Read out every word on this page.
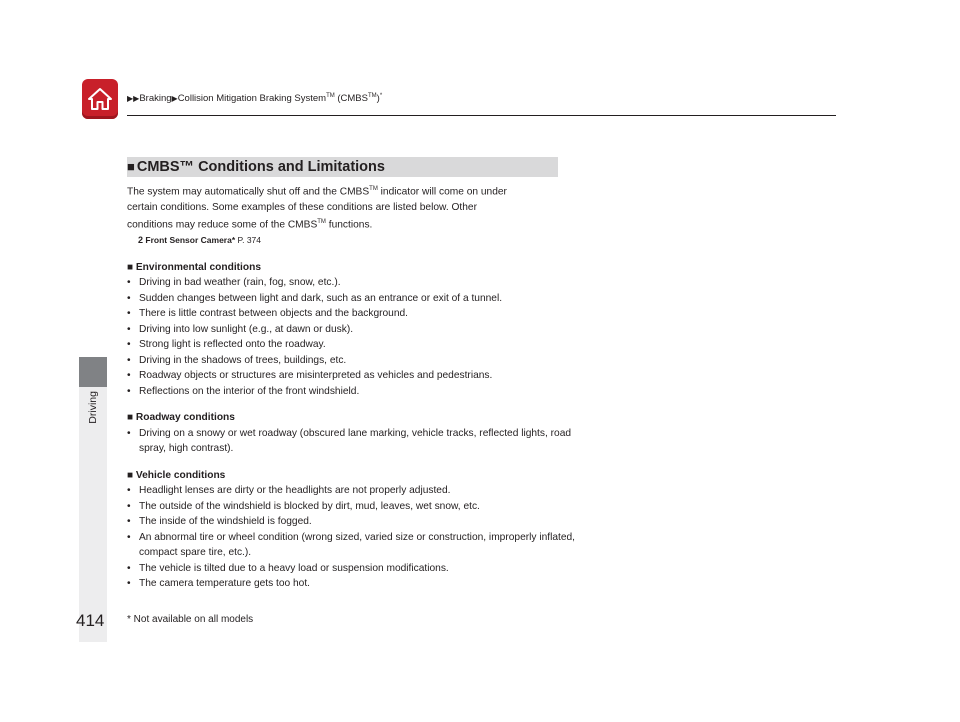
▶▶Braking▶Collision Mitigation Braking System™ (CMBS™)*
Driving
414
■ CMBS™ Conditions and Limitations

The system may automatically shut off and the CMBS™ indicator will come on under
certain conditions. Some examples of these conditions are listed below. Other
conditions may reduce some of the CMBS™ functions.

2 Front Sensor Camera* P. 374
■ Environmental conditions
• Driving in bad weather (rain, fog, snow, etc.).
• Sudden changes between light and dark, such as an entrance or exit of a tunnel.
• There is little contrast between objects and the background.
• Driving into low sunlight (e.g., at dawn or dusk).
• Strong light is reflected onto the roadway.
• Driving in the shadows of trees, buildings, etc.
• Roadway objects or structures are misinterpreted as vehicles and pedestrians.
• Reflections on the interior of the front windshield.
■ Roadway conditions
• Driving on a snowy or wet roadway (obscured lane marking, vehicle tracks, reflected lights, road spray, high contrast).
■ Vehicle conditions
• Headlight lenses are dirty or the headlights are not properly adjusted.
• The outside of the windshield is blocked by dirt, mud, leaves, wet snow, etc.
• The inside of the windshield is fogged.
• An abnormal tire or wheel condition (wrong sized, varied size or construction, improperly inflated, compact spare tire, etc.).
• The vehicle is tilted due to a heavy load or suspension modifications.
• The camera temperature gets too hot.
* Not available on all models
